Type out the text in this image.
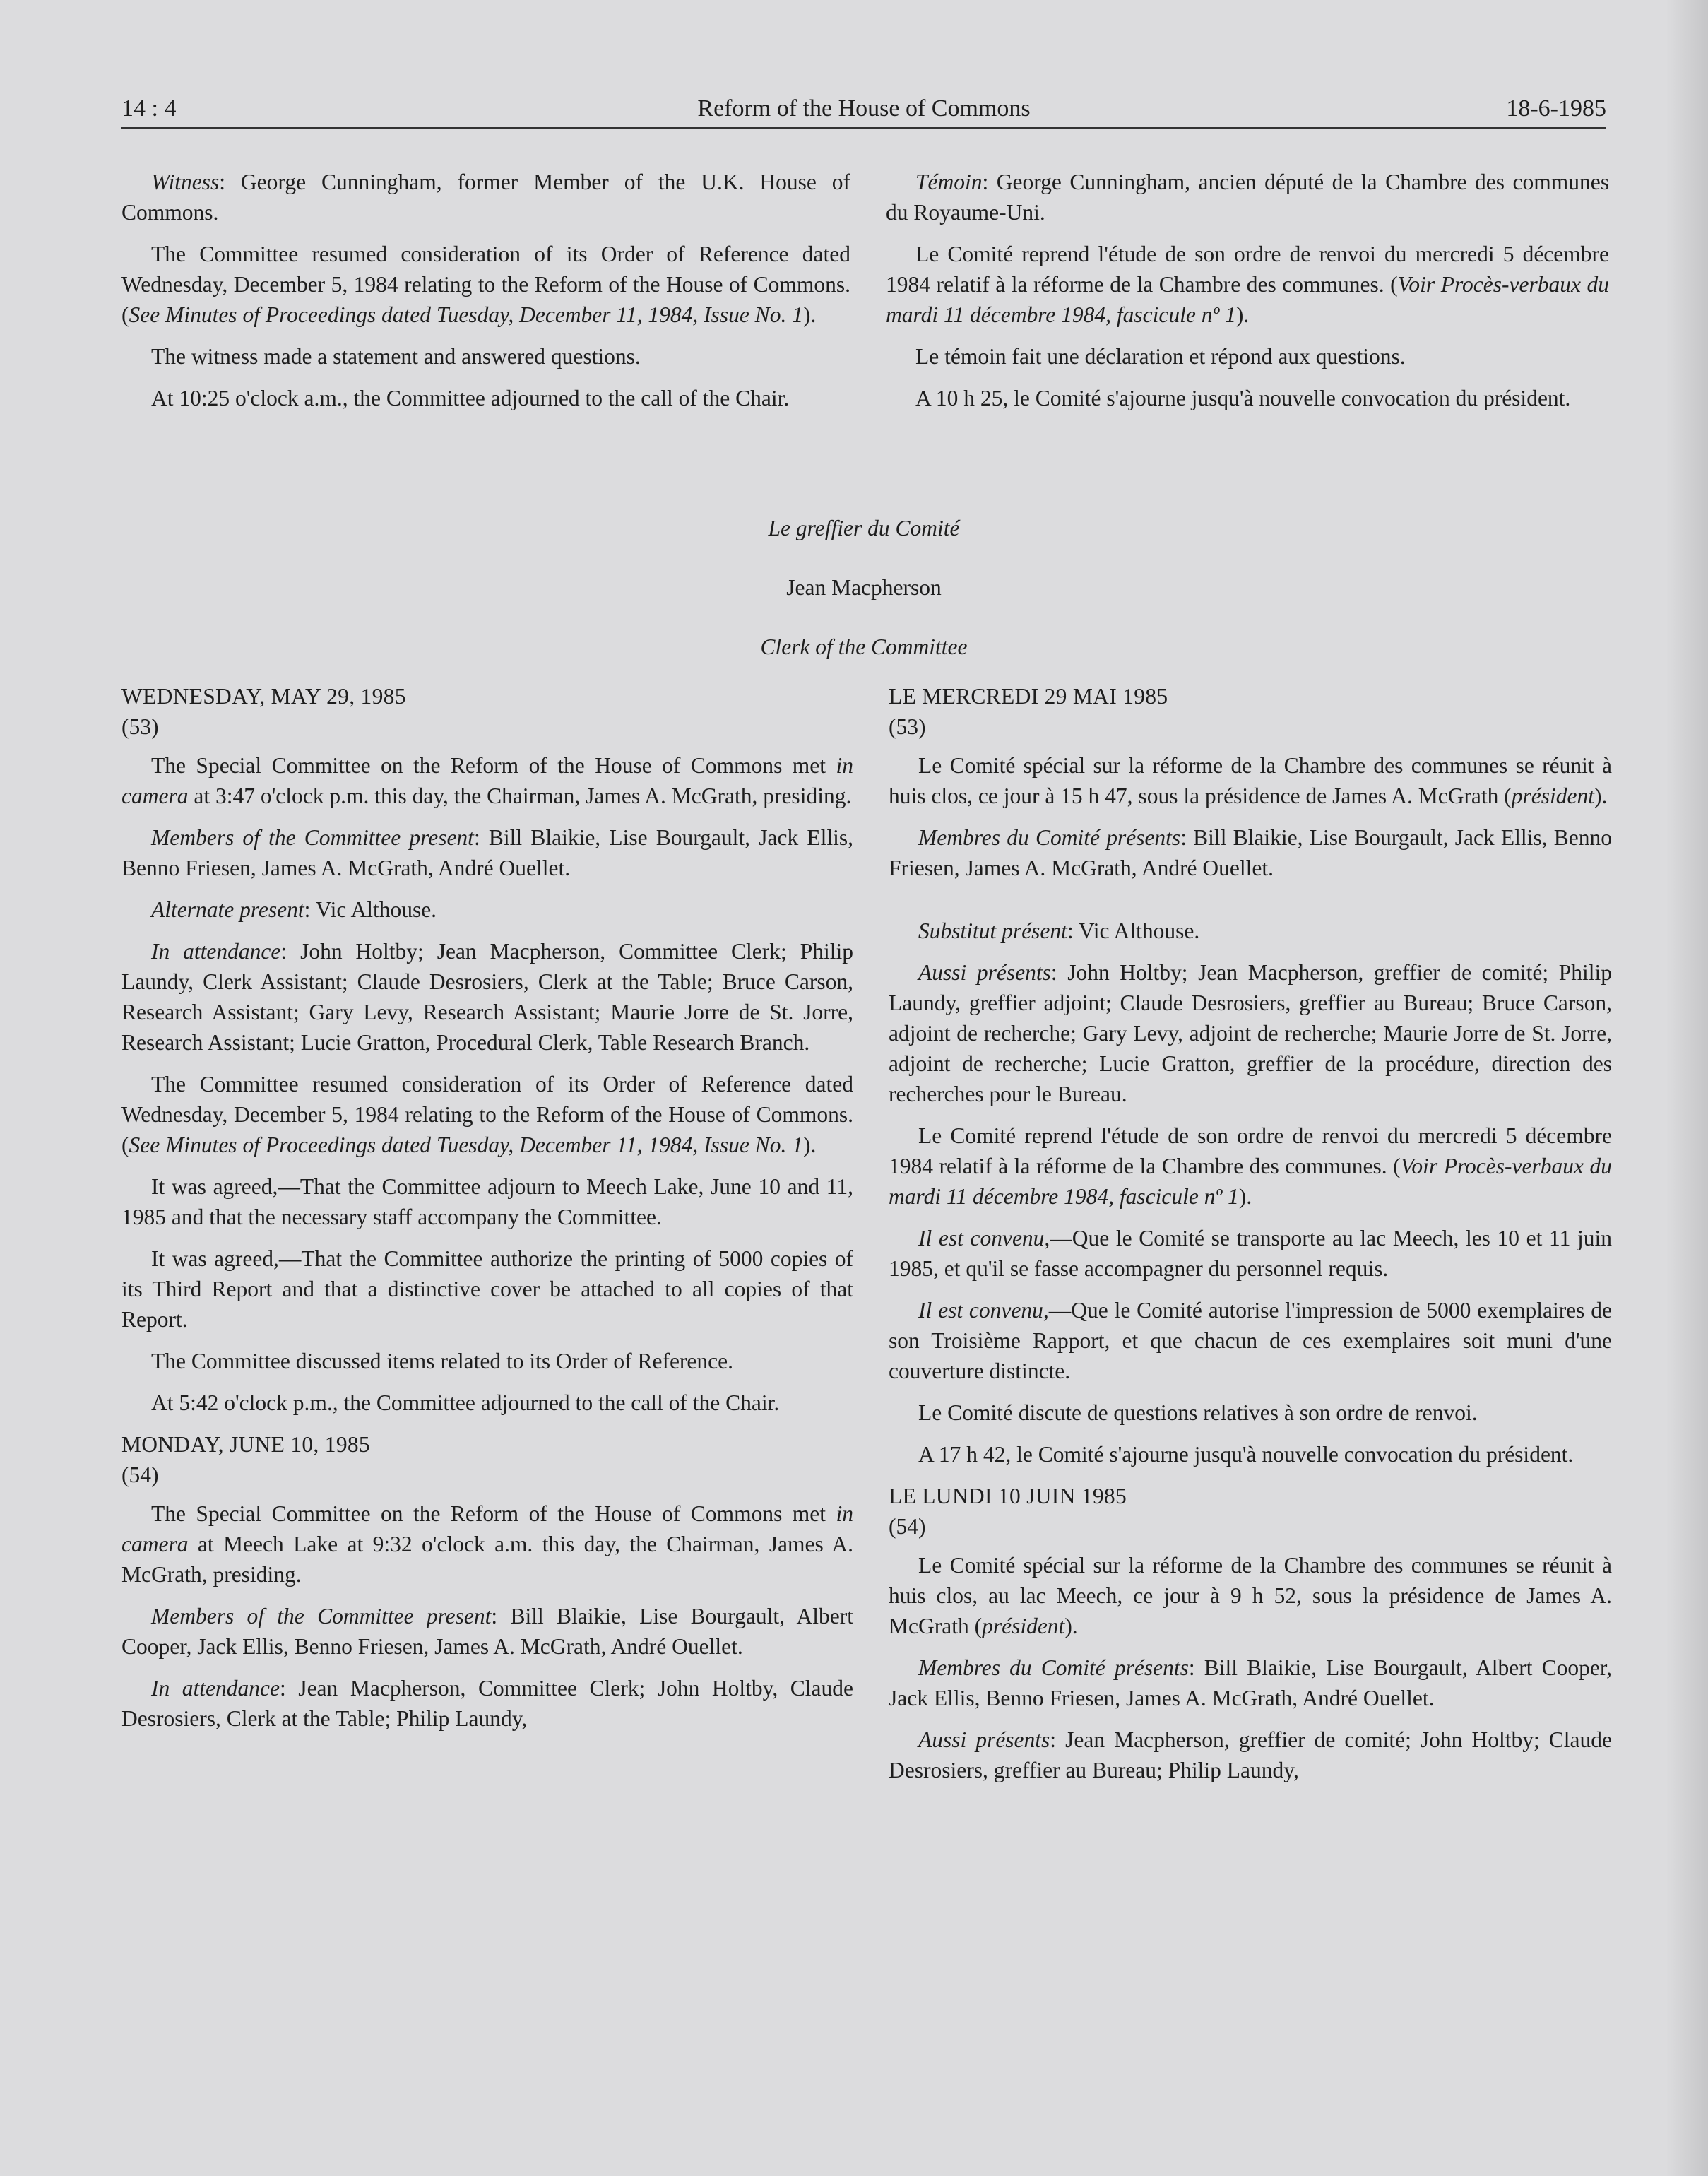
14 : 4	Reform of the House of Commons	18-6-1985

Witness: George Cunningham, former Member of the U.K. House of Commons.

The Committee resumed consideration of its Order of Reference dated Wednesday, December 5, 1984 relating to the Reform of the House of Commons. (See Minutes of Proceedings dated Tuesday, December 11, 1984, Issue No. 1).

The witness made a statement and answered questions.

At 10:25 o'clock a.m., the Committee adjourned to the call of the Chair.

Témoin: George Cunningham, ancien député de la Chambre des communes du Royaume-Uni.

Le Comité reprend l'étude de son ordre de renvoi du mercredi 5 décembre 1984 relatif à la réforme de la Chambre des communes. (Voir Procès-verbaux du mardi 11 décembre 1984, fascicule nº 1).

Le témoin fait une déclaration et répond aux questions.

A 10 h 25, le Comité s'ajourne jusqu'à nouvelle convocation du président.

Le greffier du Comité
Jean Macpherson
Clerk of the Committee
WEDNESDAY, MAY 29, 1985
(53)

The Special Committee on the Reform of the House of Commons met in camera at 3:47 o'clock p.m. this day, the Chairman, James A. McGrath, presiding.

Members of the Committee present: Bill Blaikie, Lise Bourgault, Jack Ellis, Benno Friesen, James A. McGrath, André Ouellet.

Alternate present: Vic Althouse.

In attendance: John Holtby; Jean Macpherson, Committee Clerk; Philip Laundy, Clerk Assistant; Claude Desrosiers, Clerk at the Table; Bruce Carson, Research Assistant; Gary Levy, Research Assistant; Maurie Jorre de St. Jorre, Research Assistant; Lucie Gratton, Procedural Clerk, Table Research Branch.

The Committee resumed consideration of its Order of Reference dated Wednesday, December 5, 1984 relating to the Reform of the House of Commons. (See Minutes of Proceedings dated Tuesday, December 11, 1984, Issue No. 1).

It was agreed,—That the Committee adjourn to Meech Lake, June 10 and 11, 1985 and that the necessary staff accompany the Committee.

It was agreed,—That the Committee authorize the printing of 5000 copies of its Third Report and that a distinctive cover be attached to all copies of that Report.

The Committee discussed items related to its Order of Reference.

At 5:42 o'clock p.m., the Committee adjourned to the call of the Chair.

MONDAY, JUNE 10, 1985
(54)

The Special Committee on the Reform of the House of Commons met in camera at Meech Lake at 9:32 o'clock a.m. this day, the Chairman, James A. McGrath, presiding.

Members of the Committee present: Bill Blaikie, Lise Bourgault, Albert Cooper, Jack Ellis, Benno Friesen, James A. McGrath, André Ouellet.

In attendance: Jean Macpherson, Committee Clerk; John Holtby, Claude Desrosiers, Clerk at the Table; Philip Laundy,

LE MERCREDI 29 MAI 1985
(53)

Le Comité spécial sur la réforme de la Chambre des communes se réunit à huis clos, ce jour à 15 h 47, sous la présidence de James A. McGrath (président).

Membres du Comité présents: Bill Blaikie, Lise Bourgault, Jack Ellis, Benno Friesen, James A. McGrath, André Ouellet.

Substitut présent: Vic Althouse.

Aussi présents: John Holtby; Jean Macpherson, greffier de comité; Philip Laundy, greffier adjoint; Claude Desrosiers, greffier au Bureau; Bruce Carson, adjoint de recherche; Gary Levy, adjoint de recherche; Maurie Jorre de St. Jorre, adjoint de recherche; Lucie Gratton, greffier de la procédure, direction des recherches pour le Bureau.

Le Comité reprend l'étude de son ordre de renvoi du mercredi 5 décembre 1984 relatif à la réforme de la Chambre des communes. (Voir Procès-verbaux du mardi 11 décembre 1984, fascicule nº 1).

Il est convenu,—Que le Comité se transporte au lac Meech, les 10 et 11 juin 1985, et qu'il se fasse accompagner du personnel requis.

Il est convenu,—Que le Comité autorise l'impression de 5000 exemplaires de son Troisième Rapport, et que chacun de ces exemplaires soit muni d'une couverture distincte.

Le Comité discute de questions relatives à son ordre de renvoi.

A 17 h 42, le Comité s'ajourne jusqu'à nouvelle convocation du président.

LE LUNDI 10 JUIN 1985
(54)

Le Comité spécial sur la réforme de la Chambre des communes se réunit à huis clos, au lac Meech, ce jour à 9 h 52, sous la présidence de James A. McGrath (président).

Membres du Comité présents: Bill Blaikie, Lise Bourgault, Albert Cooper, Jack Ellis, Benno Friesen, James A. McGrath, André Ouellet.

Aussi présents: Jean Macpherson, greffier de comité; John Holtby; Claude Desrosiers, greffier au Bureau; Philip Laundy,
